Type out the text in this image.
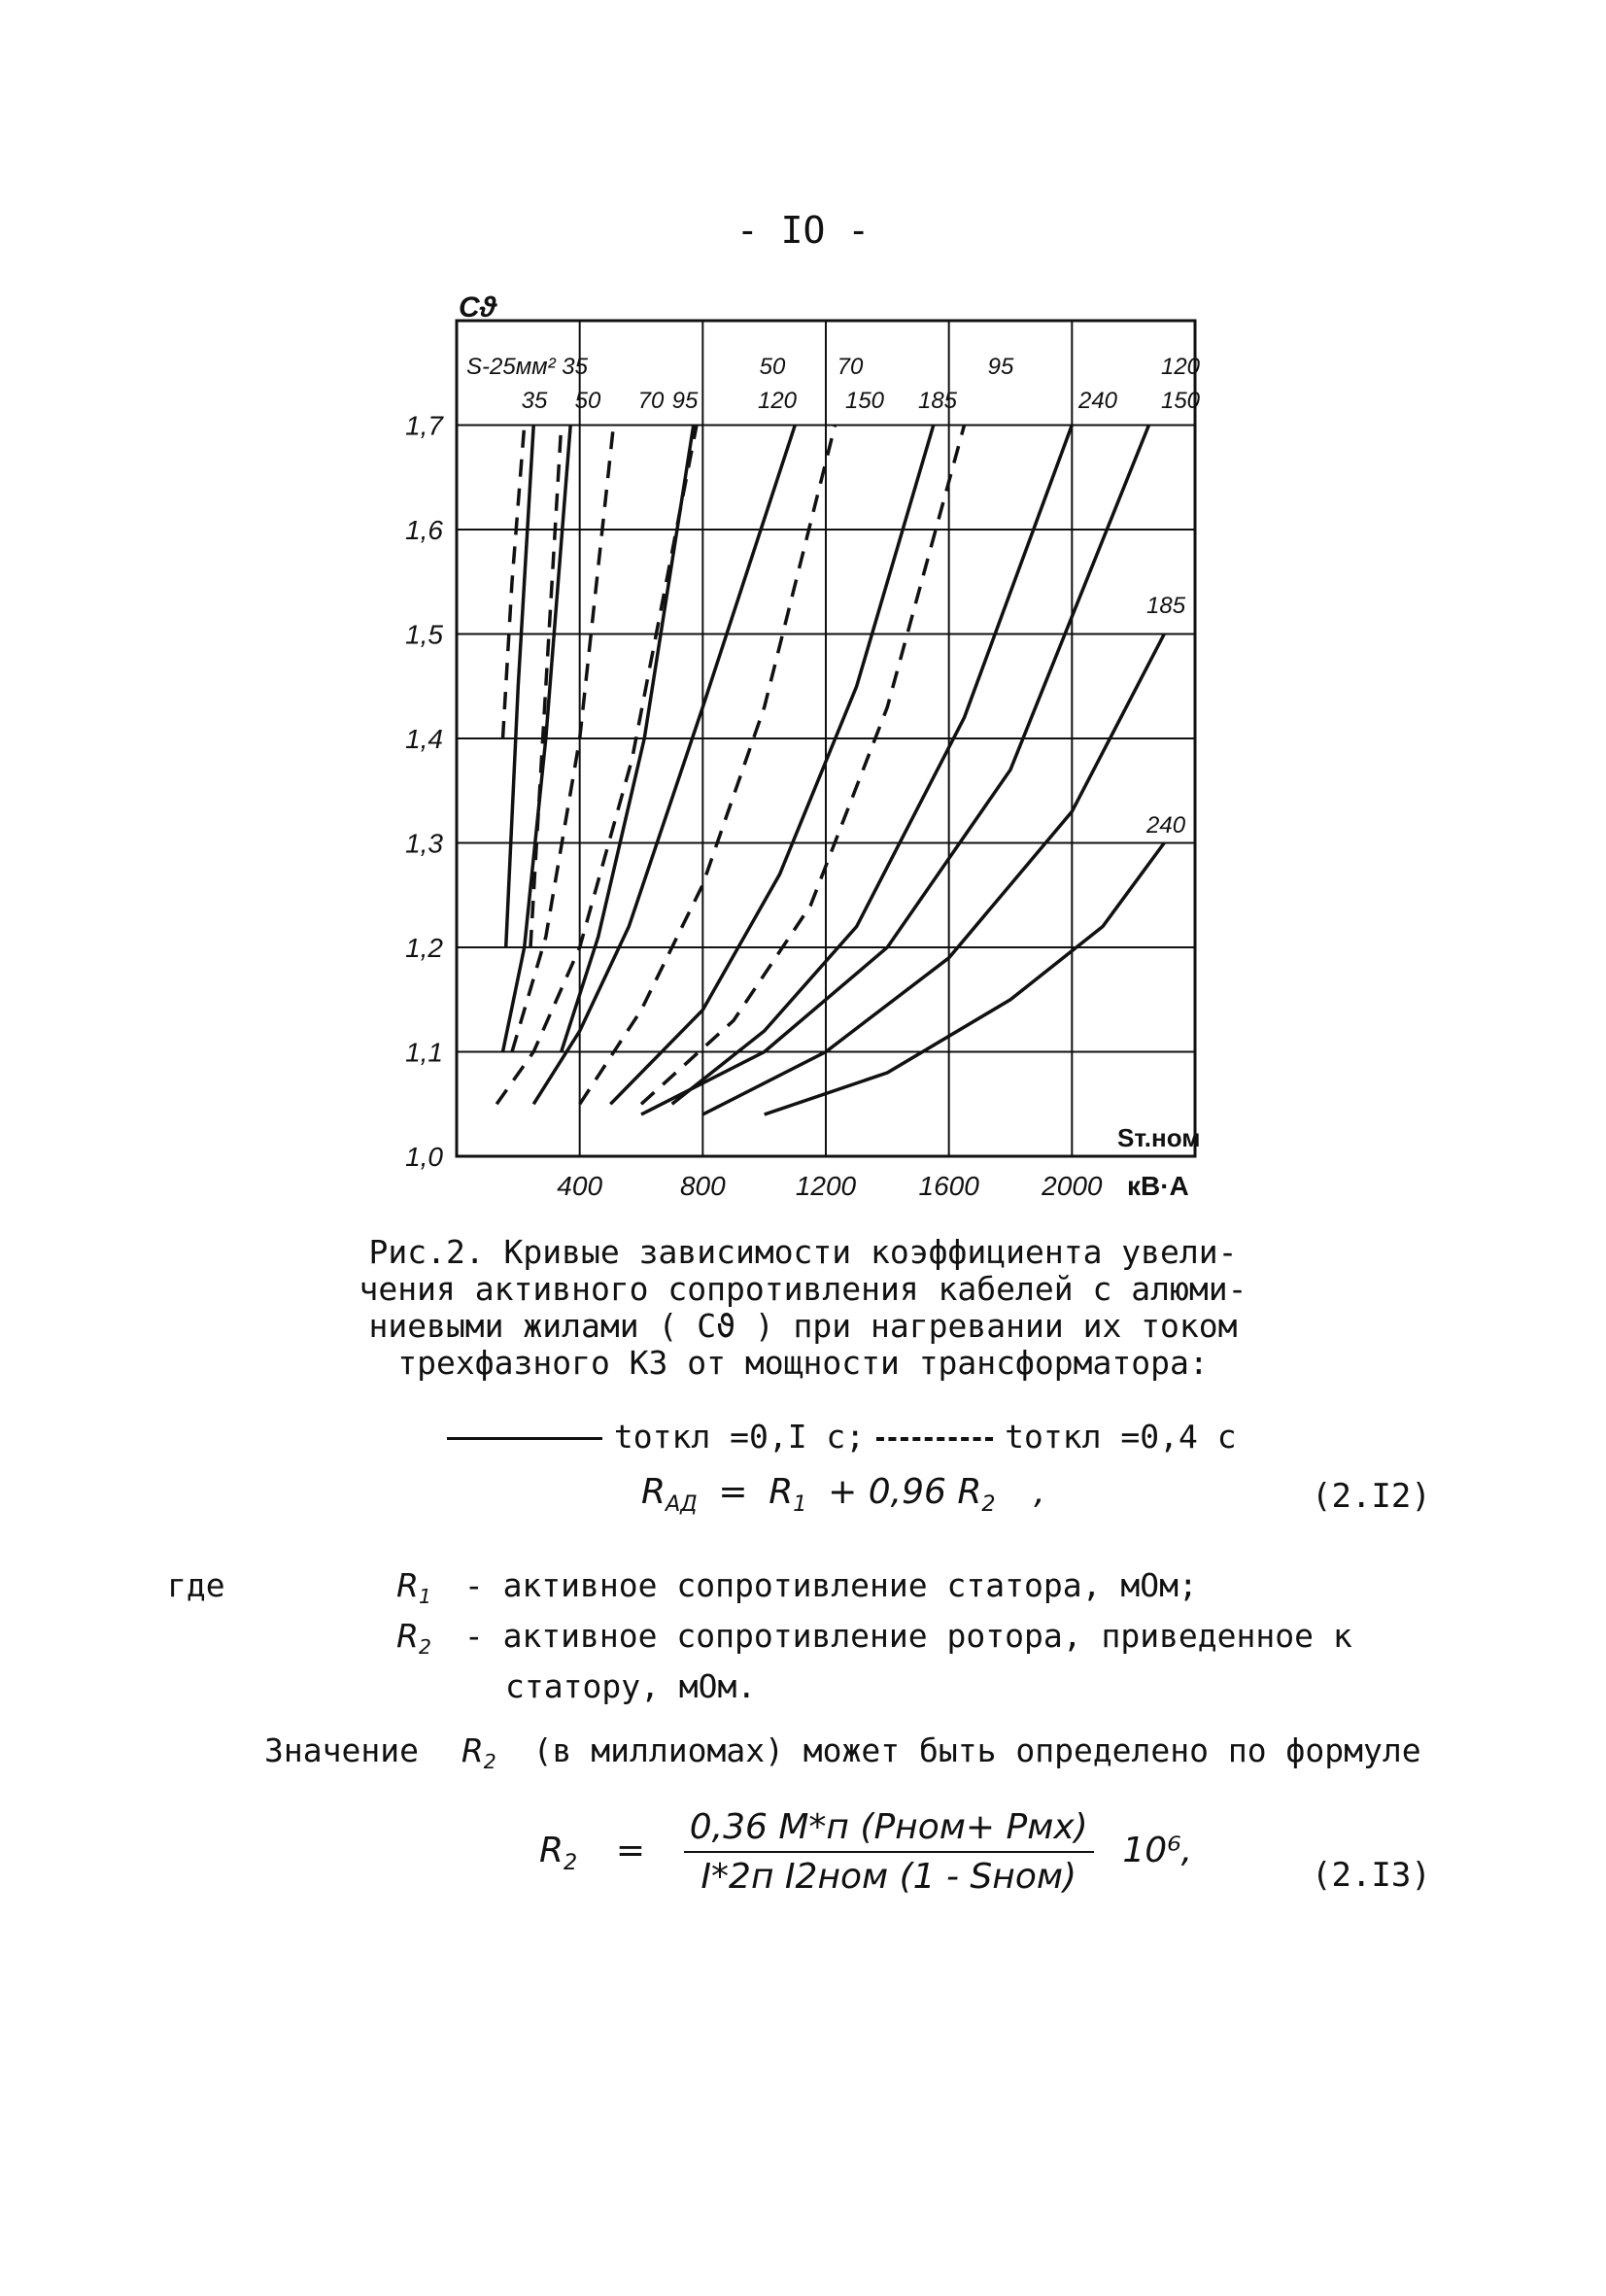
- IO -
400	800	1200 1600 2000
1,0
1,1
1,2
1,3
1,4
1,5
1,6
1,7
Cϑ
Sт.ном
кВ·А
S-25мм² 35
35 50 70 95
50
120
70
150 185
95
240
120
150
185
240
Рис.2. Кривые зависимости коэффициента увели-
чения активного сопротивления кабелей с алюми-
ниевыми жилами ( Cϑ ) при нагревании их током
трехфазного КЗ от мощности трансформатора:

tоткл =0,I с;	tоткл =0,4 с

$R_{АД} = R_1 + 0,96$ $R_2$ ,	(2.I2)
где	$R_1$ - активное сопротивление статора, мОм;
$R_2$ - активное сопротивление ротора, приведенное к
статору, мОм.
Значение $R_2$ (в миллиомах) может быть определено по формуле
$R_2 = \frac{\text{0,36 M*п (Pном+ Pмх)}}{\text{I*2п I2ном (1 - Sном)}} 10^6$,
(2.I3)
